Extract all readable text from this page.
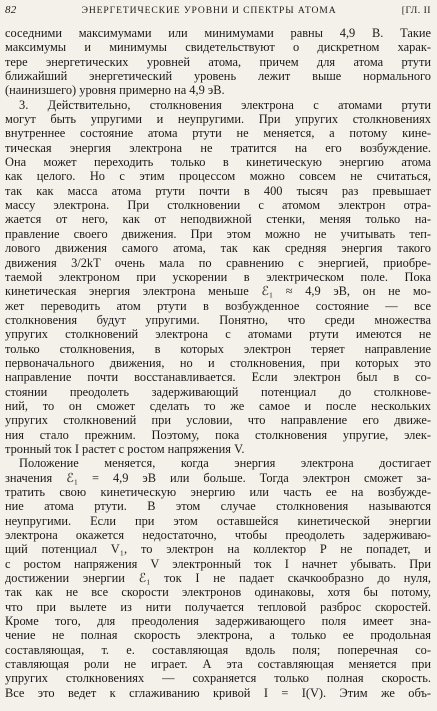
82	ЭНЕРГЕТИЧЕСКИЕ УРОВНИ И СПЕКТРЫ АТОМА	[ГЛ. II
соседними максимумами или минимумами равны 4,9 В. Такие
максимумы и минимумы свидетельствуют о дискретном харак-
тере энергетических уровней атома, причем для атома ртути
ближайший энергетический уровень лежит выше нормального
(наинизшего) уровня примерно на 4,9 эВ.
3. Действительно, столкновения электрона с атомами ртути
могут быть упругими и неупругими. При упругих столкновениях
внутреннее состояние атома ртути не меняется, а потому кине-
тическая энергия электрона не тратится на его возбуждение.
Она может переходить только в кинетическую энергию атома
как целого. Но с этим процессом можно совсем не считаться,
так как масса атома ртути почти в 400 тысяч раз превышает
массу электрона. При столкновении с атомом электрон отра-
жается от него, как от неподвижной стенки, меняя только на-
правление своего движения. При этом можно не учитывать теп-
лового движения самого атома, так как средняя энергия такого
движения 3/2kT очень мала по сравнению с энергией, приобре-
таемой электроном при ускорении в электрическом поле. Пока
кинетическая энергия электрона меньше ℰ₁ ≈ 4,9 эВ, он не мо-
жет переводить атом ртути в возбужденное состояние — все
столкновения будут упругими. Понятно, что среди множества
упругих столкновений электрона с атомами ртути имеются не
только столкновения, в которых электрон теряет направление
первоначального движения, но и столкновения, при которых это
направление почти восстанавливается. Если электрон был в со-
стоянии преодолеть задерживающий потенциал до столкнове-
ний, то он сможет сделать то же самое и после нескольких
упругих столкновений при условии, что направление его движе-
ния стало прежним. Поэтому, пока столкновения упругие, элек-
тронный ток I растет с ростом напряжения V.
Положение меняется, когда энергия электрона достигает
значения ℰ₁ = 4,9 эВ или больше. Тогда электрон сможет за-
тратить свою кинетическую энергию или часть ее на возбужде-
ние атома ртути. В этом случае столкновения называются
неупругими. Если при этом оставшейся кинетической энергии
электрона окажется недостаточно, чтобы преодолеть задерживаю-
щий потенциал V₁, то электрон на коллектор P не попадет, и
с ростом напряжения V электронный ток I начнет убывать. При
достижении энергии ℰ₁ ток I не падает скачкообразно до нуля,
так как не все скорости электронов одинаковы, хотя бы потому,
что при вылете из нити получается тепловой разброс скоростей.
Кроме того, для преодоления задерживающего поля имеет зна-
чение не полная скорость электрона, а только ее продольная
составляющая, т. е. составляющая вдоль поля; поперечная со-
ставляющая роли не играет. А эта составляющая меняется при
упругих столкновениях — сохраняется только полная скорость.
Все это ведет к сглаживанию кривой I = I(V). Этим же объ-
